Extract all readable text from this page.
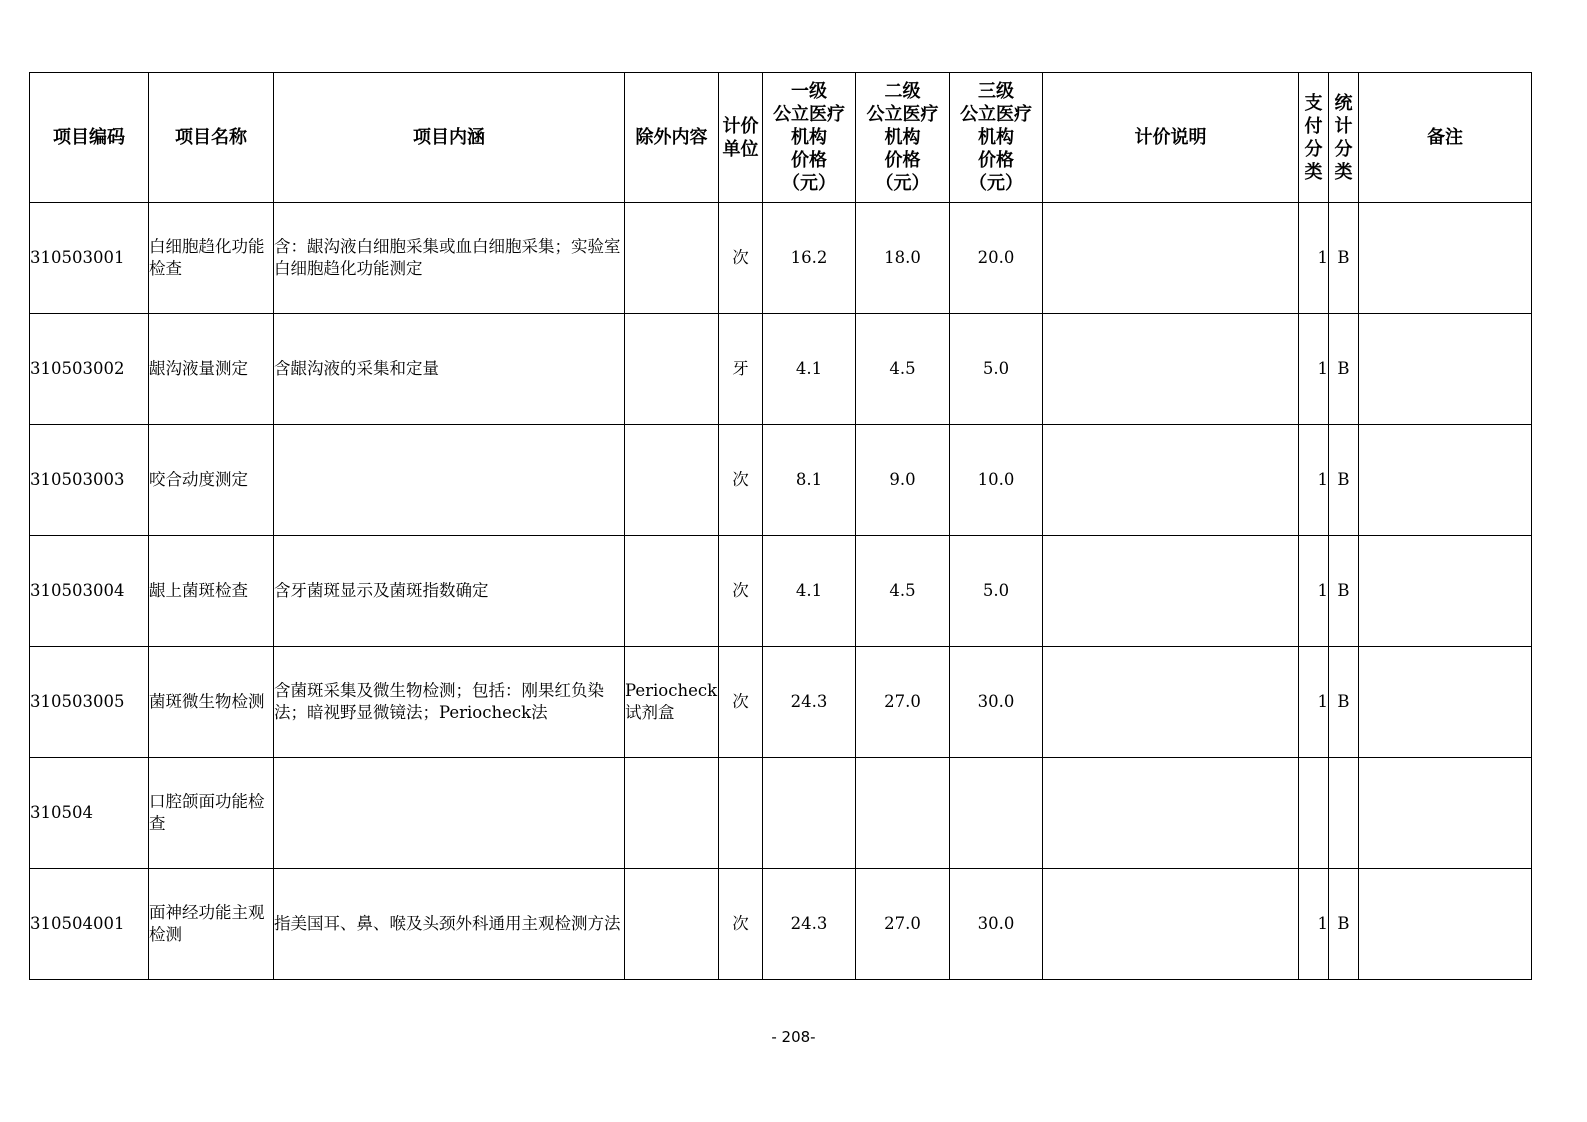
项目编码	项目名称	项目内涵	除外内容	计价单位	一级
公立医疗
机构
价格
（元）	二级
公立医疗
机构
价格
（元）	三级
公立医疗
机构
价格
（元）	计价说明	支付分类	统计分类	备注
310503001	白细胞趋化功能检查	含：龈沟液白细胞采集或血白细胞采集；实验室白细胞趋化功能测定		次	16.2	18.0	20.0		1	B	
310503002	龈沟液量测定	含龈沟液的采集和定量		牙	4.1	4.5	5.0		1	B	
310503003	咬合动度测定			次	8.1	9.0	10.0		1	B	
310503004	龈上菌斑检查	含牙菌斑显示及菌斑指数确定		次	4.1	4.5	5.0		1	B	
310503005	菌斑微生物检测	含菌斑采集及微生物检测；包括：刚果红负染法；暗视野显微镜法；Periocheck法	Periocheck试剂盒	次	24.3	27.0	30.0		1	B	
310504	口腔颌面功能检查										
310504001	面神经功能主观检测	指美国耳、鼻、喉及头颈外科通用主观检测方法		次	24.3	27.0	30.0		1	B	
- 208-
